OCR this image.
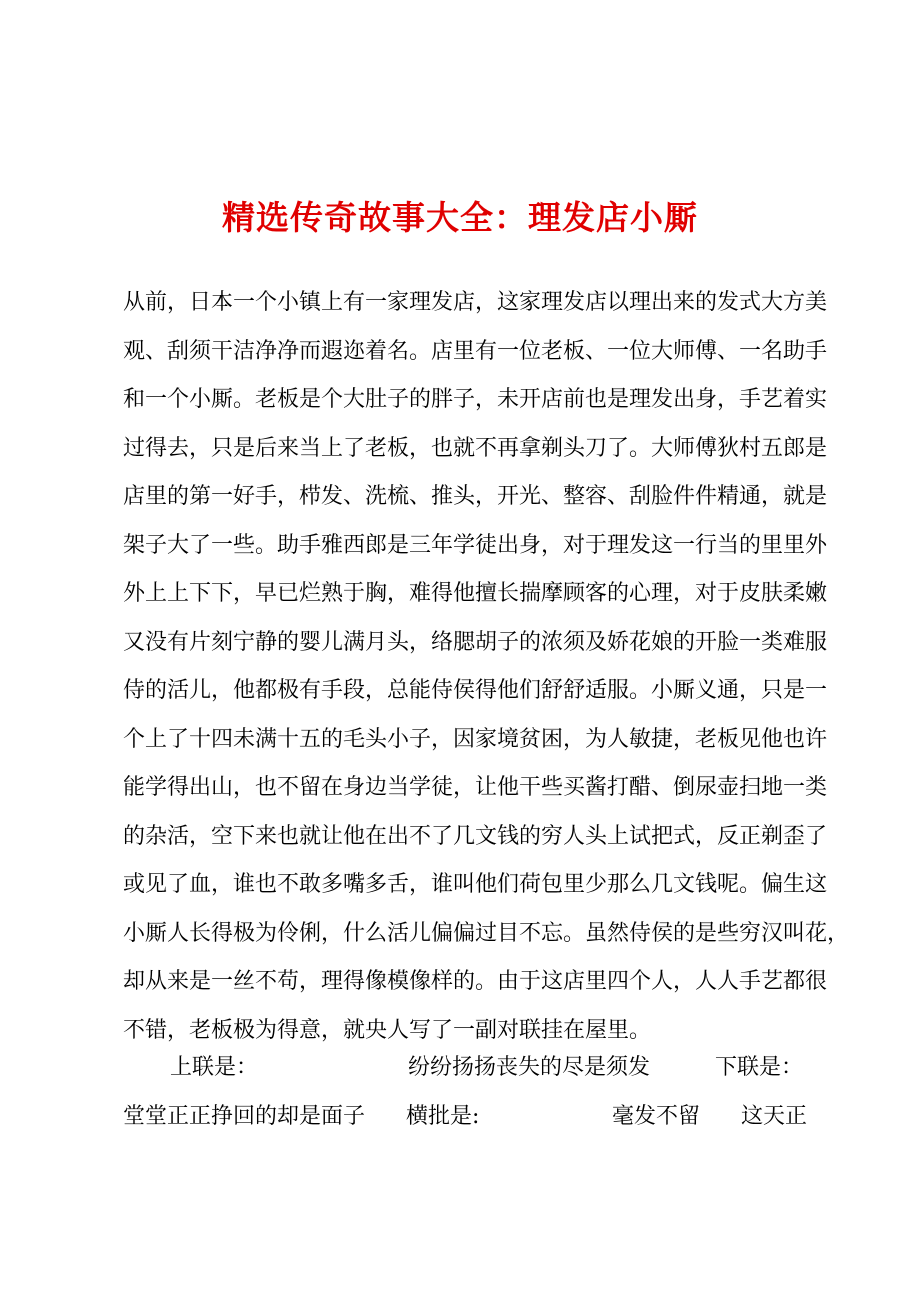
精选传奇故事大全：理发店小厮
从前，日本一个小镇上有一家理发店，这家理发店以理出来的发式大方美
观、刮须干洁净净而遐迩着名。店里有一位老板、一位大师傅、一名助手
和一个小厮。老板是个大肚子的胖子，未开店前也是理发出身，手艺着实
过得去，只是后来当上了老板，也就不再拿剃头刀了。大师傅狄村五郎是
店里的第一好手，栉发、洗梳、推头，开光、整容、刮脸件件精通，就是
架子大了一些。助手雅西郎是三年学徒出身，对于理发这一行当的里里外
外上上下下，早已烂熟于胸，难得他擅长揣摩顾客的心理，对于皮肤柔嫩
又没有片刻宁静的婴儿满月头，络腮胡子的浓须及娇花娘的开脸一类难服
侍的活儿，他都极有手段，总能侍侯得他们舒舒适服。小厮义通，只是一
个上了十四未满十五的毛头小子，因家境贫困，为人敏捷，老板见他也许
能学得出山，也不留在身边当学徒，让他干些买酱打醋、倒尿壶扫地一类
的杂活，空下来也就让他在出不了几文钱的穷人头上试把式，反正剃歪了
或见了血，谁也不敢多嘴多舌，谁叫他们荷包里少那么几文钱呢。偏生这
小厮人长得极为伶俐，什么活儿偏偏过目不忘。虽然侍侯的是些穷汉叫花，
却从来是一丝不苟，理得像模像样的。由于这店里四个人，人人手艺都很
不错，老板极为得意，就央人写了一副对联挂在屋里。
上联是：	纷纷扬扬丧失的尽是须发	下联是：
堂堂正正挣回的却是面子 横批是:	毫发不留 这天正
